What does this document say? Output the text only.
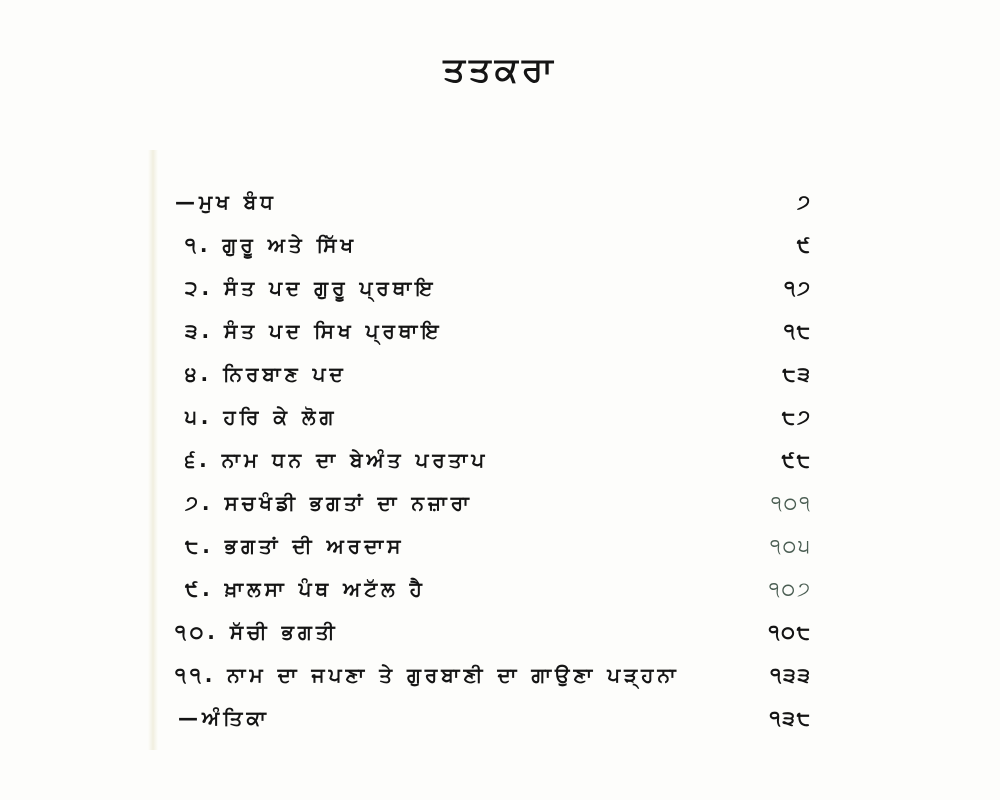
ਤਤਕਰਾ
—ਮੁਖ ਬੰਧ	੭
੧. ਗੁਰੂ ਅਤੇ ਸਿੱਖ	੯
੨. ਸੰਤ ਪਦ ਗੁਰੂ ਪ੍ਰਥਾਇ	੧੭
੩. ਸੰਤ ਪਦ ਸਿਖ ਪ੍ਰਥਾਇ	੧੮
੪. ਨਿਰਬਾਣ ਪਦ	੮੩
੫. ਹਰਿ ਕੇ ਲੋਗ	੮੭
੬. ਨਾਮ ਧਨ ਦਾ ਬੇਅੰਤ ਪਰਤਾਪ	੯੮
੭. ਸਚਖੰਡੀ ਭਗਤਾਂ ਦਾ ਨਜ਼ਾਰਾ	੧੦੧
੮. ਭਗਤਾਂ ਦੀ ਅਰਦਾਸ	੧੦੫
੯. ਖ਼ਾਲਸਾ ਪੰਥ ਅਟੱਲ ਹੈ	੧੦੭
੧੦. ਸੱਚੀ ਭਗਤੀ	੧੦੮
੧੧. ਨਾਮ ਦਾ ਜਪਣਾ ਤੇ ਗੁਰਬਾਣੀ ਦਾ ਗਾਉਣਾ ਪੜ੍ਹਨਾ	੧੩੩
—ਅੰਤਿਕਾ	੧੩੮
